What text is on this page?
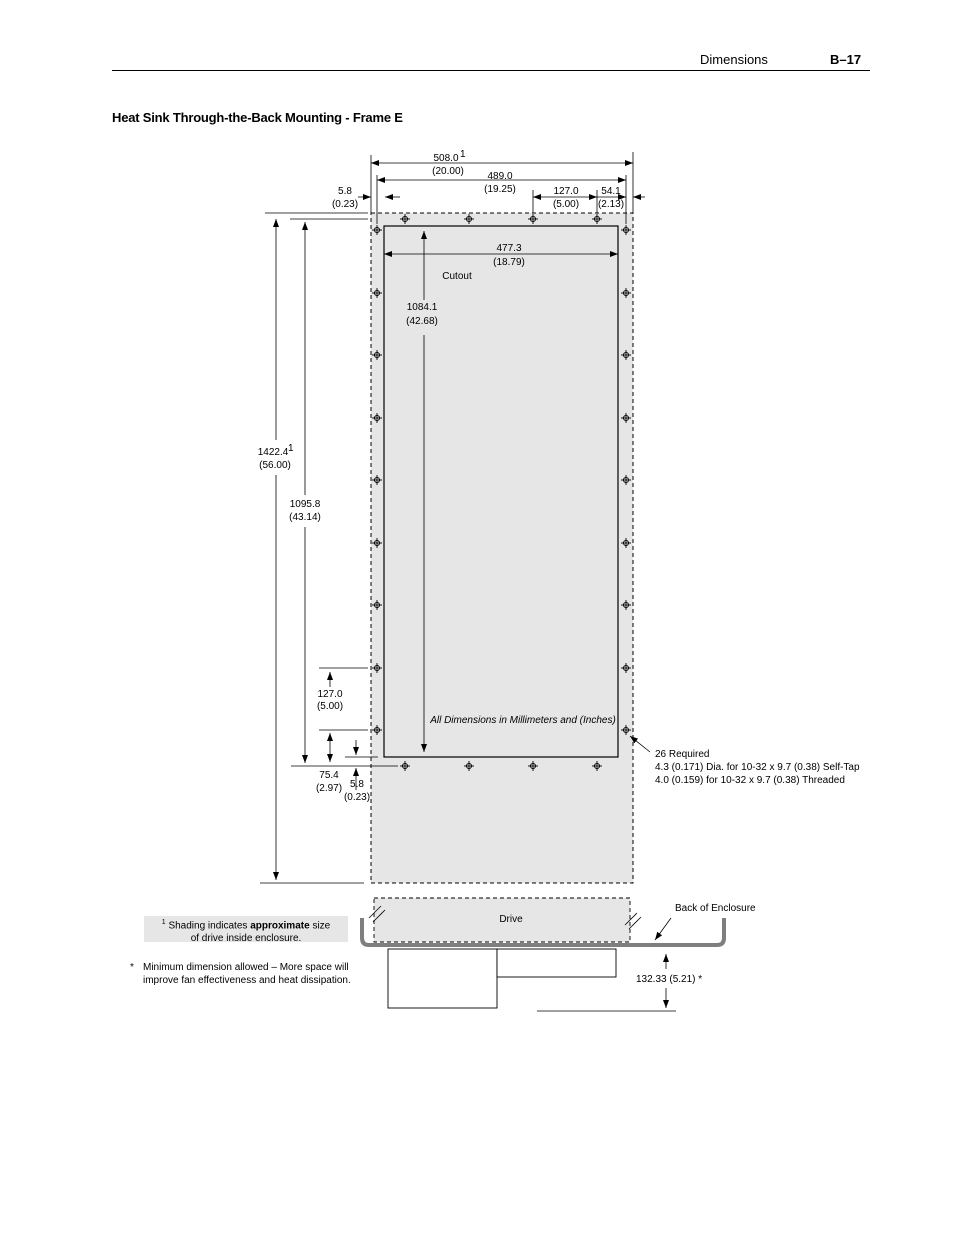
Dimensions	B–17
Heat Sink Through-the-Back Mounting - Frame E
508.0 1
(20.00) 489.0
(19.25)
5.8
(0.23)
127.0
(5.00)
54.1
(2.13)
477.3
(18.79)
Cutout
1084.1
(42.68)
1422.4 1
(56.00)
1095.8
(43.14)
127.0
(5.00)
All Dimensions in Millimeters and (Inches)
75.4
(2.97) 5.8
(0.23)
26 Required
4.3 (0.171) Dia. for 10-32 x 9.7 (0.38) Self-Tap
4.0 (0.159) for 10-32 x 9.7 (0.38) Threaded
Drive
Back of Enclosure
132.33 (5.21) *
$^1$ Shading indicates approximate size
of drive inside enclosure.
* Minimum dimension allowed – More space will
improve fan effectiveness and heat dissipation.
